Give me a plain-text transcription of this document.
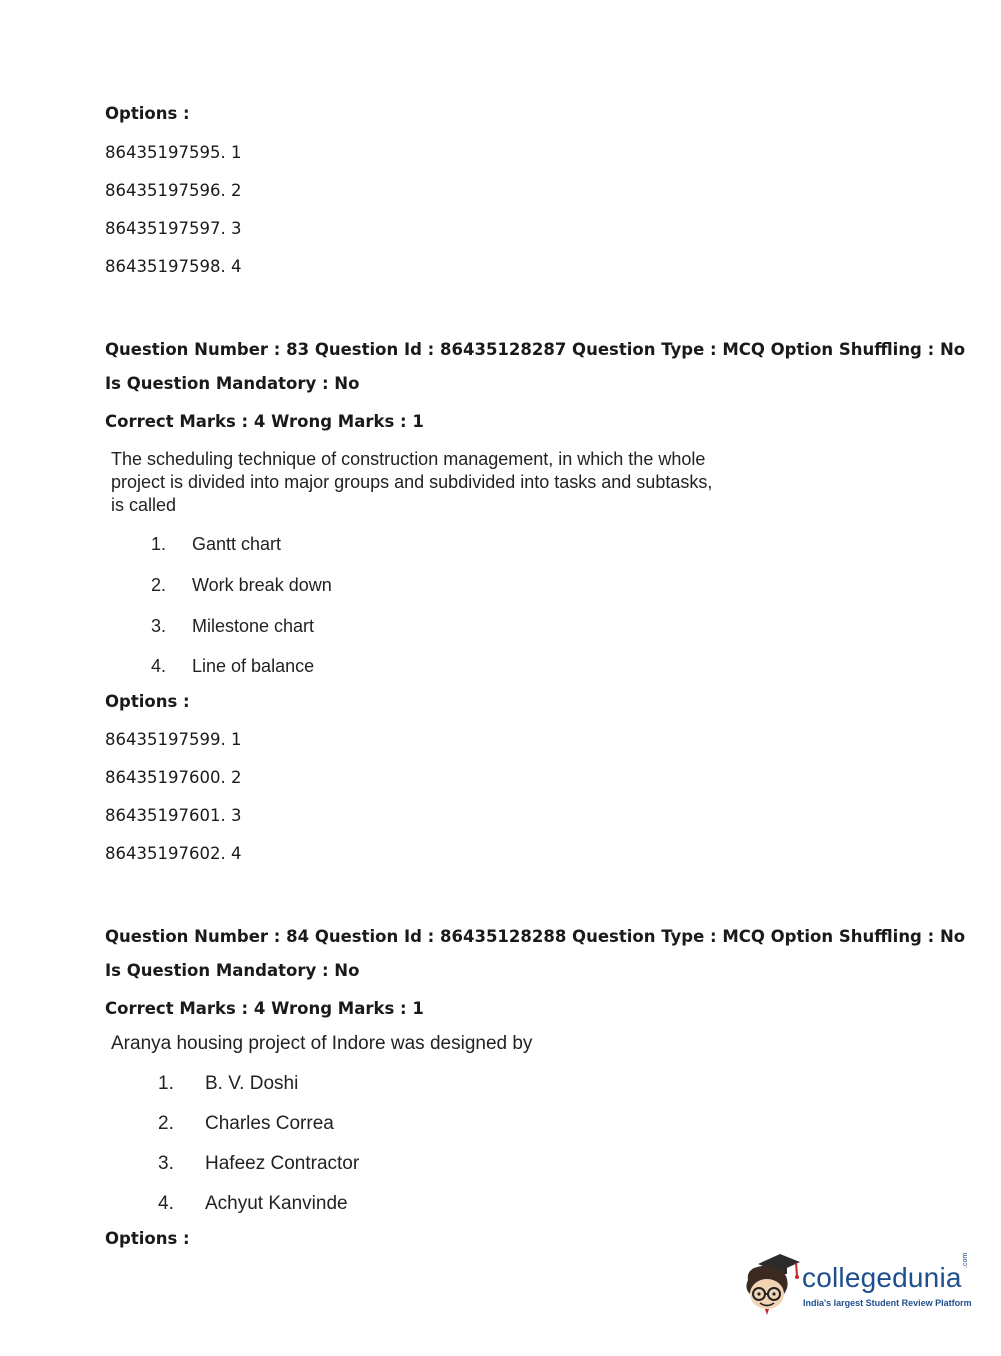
Options :
86435197595. 1
86435197596. 2
86435197597. 3
86435197598. 4
Question Number : 83 Question Id : 86435128287 Question Type : MCQ Option Shuffling : No
Is Question Mandatory : No
Correct Marks : 4 Wrong Marks : 1
The scheduling technique of construction management, in which the whole project is divided into major groups and subdivided into tasks and subtasks, is called
1. Gantt chart
2. Work break down
3. Milestone chart
4. Line of balance
Options :
86435197599. 1
86435197600. 2
86435197601. 3
86435197602. 4
Question Number : 84 Question Id : 86435128288 Question Type : MCQ Option Shuffling : No
Is Question Mandatory : No
Correct Marks : 4 Wrong Marks : 1
Aranya housing project of Indore was designed by
1. B. V. Doshi
2. Charles Correa
3. Hafeez Contractor
4. Achyut Kanvinde
Options :
collegedunia
.com
India's largest Student Review Platform
